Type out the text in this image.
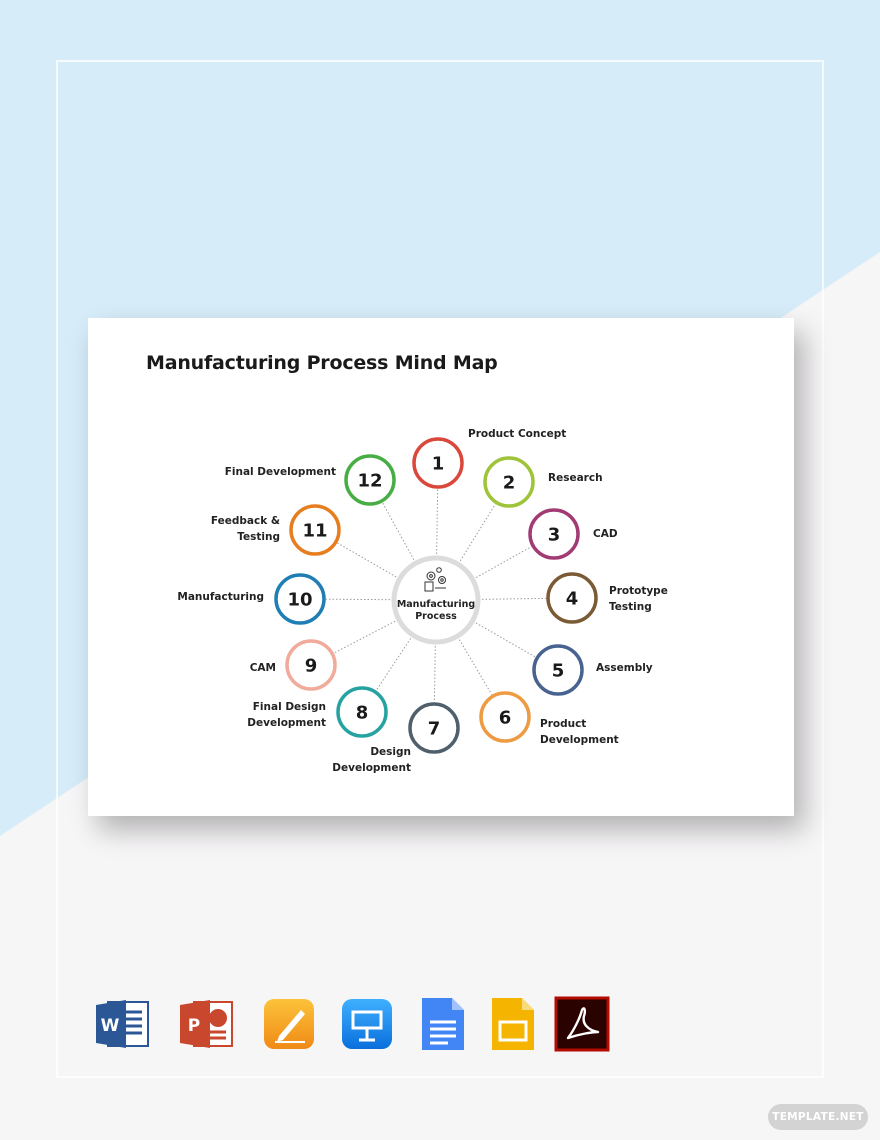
Manufacturing Process Mind Map
1
2
3
4
5
6
7
8
9
10
11
12
Manufacturing
Process
Product Concept
Research
CAD
Prototype
Testing
Assembly
Product
Development
Design
Development
Final Design
Development
CAM
Manufacturing
Feedback &
Testing
Final Development
W	P
TEMPLATE.NET
